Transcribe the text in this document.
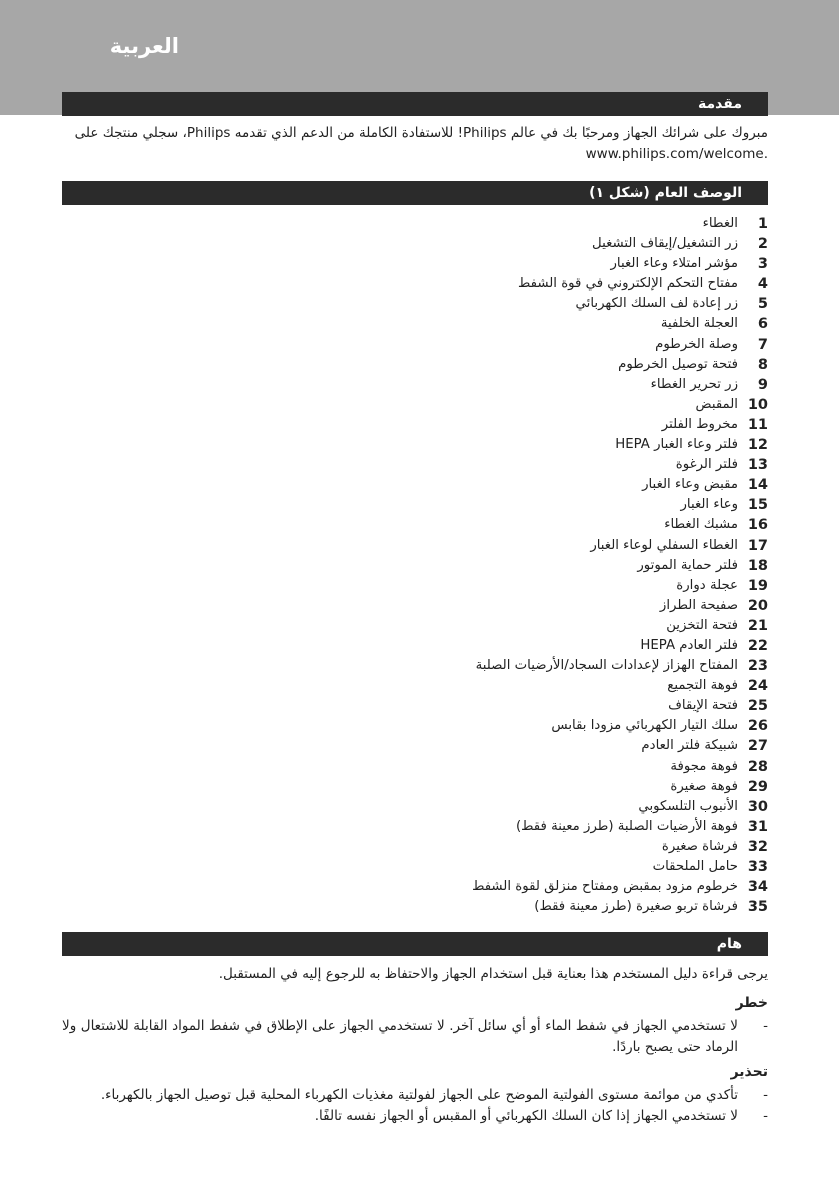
العربية
مقدمة
مبروك على شرائك الجهاز ومرحبًا بك في عالم Philips! للاستفادة الكاملة من الدعم الذي تقدمه Philips، سجلي منتجك على
.www.philips.com/welcome
الوصف العام (شكل ١)
1
الغطاء
2
زر التشغيل/إيقاف التشغيل
3
مؤشر امتلاء وعاء الغبار
4
مفتاح التحكم الإلكتروني في قوة الشفط
5
زر إعادة لف السلك الكهربائي
6
العجلة الخلفية
7
وصلة الخرطوم
8
فتحة توصيل الخرطوم
9
زر تحرير الغطاء
10
المقبض
11
مخروط الفلتر
12
فلتر وعاء الغبار HEPA
13
فلتر الرغوة
14
مقبض وعاء الغبار
15
وعاء الغبار
16
مشبك الغطاء
17
الغطاء السفلي لوعاء الغبار
18
فلتر حماية الموتور
19
عجلة دوارة
20
صفيحة الطراز
21
فتحة التخزين
22
فلتر العادم HEPA
23
المفتاح الهزاز لإعدادات السجاد/الأرضيات الصلبة
24
فوهة التجميع
25
فتحة الإيقاف
26
سلك التيار الكهربائي مزودا بقابس
27
شبيكة فلتر العادم
28
فوهة مجوفة
29
فوهة صغيرة
30
الأنبوب التلسكوبي
31
فوهة الأرضيات الصلبة (طرز معينة فقط)
32
فرشاة صغيرة
33
حامل الملحقات
34
خرطوم مزود بمقبض ومفتاح منزلق لقوة الشفط
35
فرشاة تربو صغيرة (طرز معينة فقط)
هام
يرجى قراءة دليل المستخدم هذا بعناية قبل استخدام الجهاز والاحتفاظ به للرجوع إليه في المستقبل.
خطر
-
لا تستخدمي الجهاز في شفط الماء أو أي سائل آخر. لا تستخدمي الجهاز على الإطلاق في شفط المواد القابلة للاشتعال ولا الرماد حتى يصبح باردًا.
تحذير
-
تأكدي من موائمة مستوى الفولتية الموضح على الجهاز لفولتية مغذيات الكهرباء المحلية قبل توصيل الجهاز بالكهرباء.
-
لا تستخدمي الجهاز إذا كان السلك الكهربائي أو المقبس أو الجهاز نفسه تالفًا.
